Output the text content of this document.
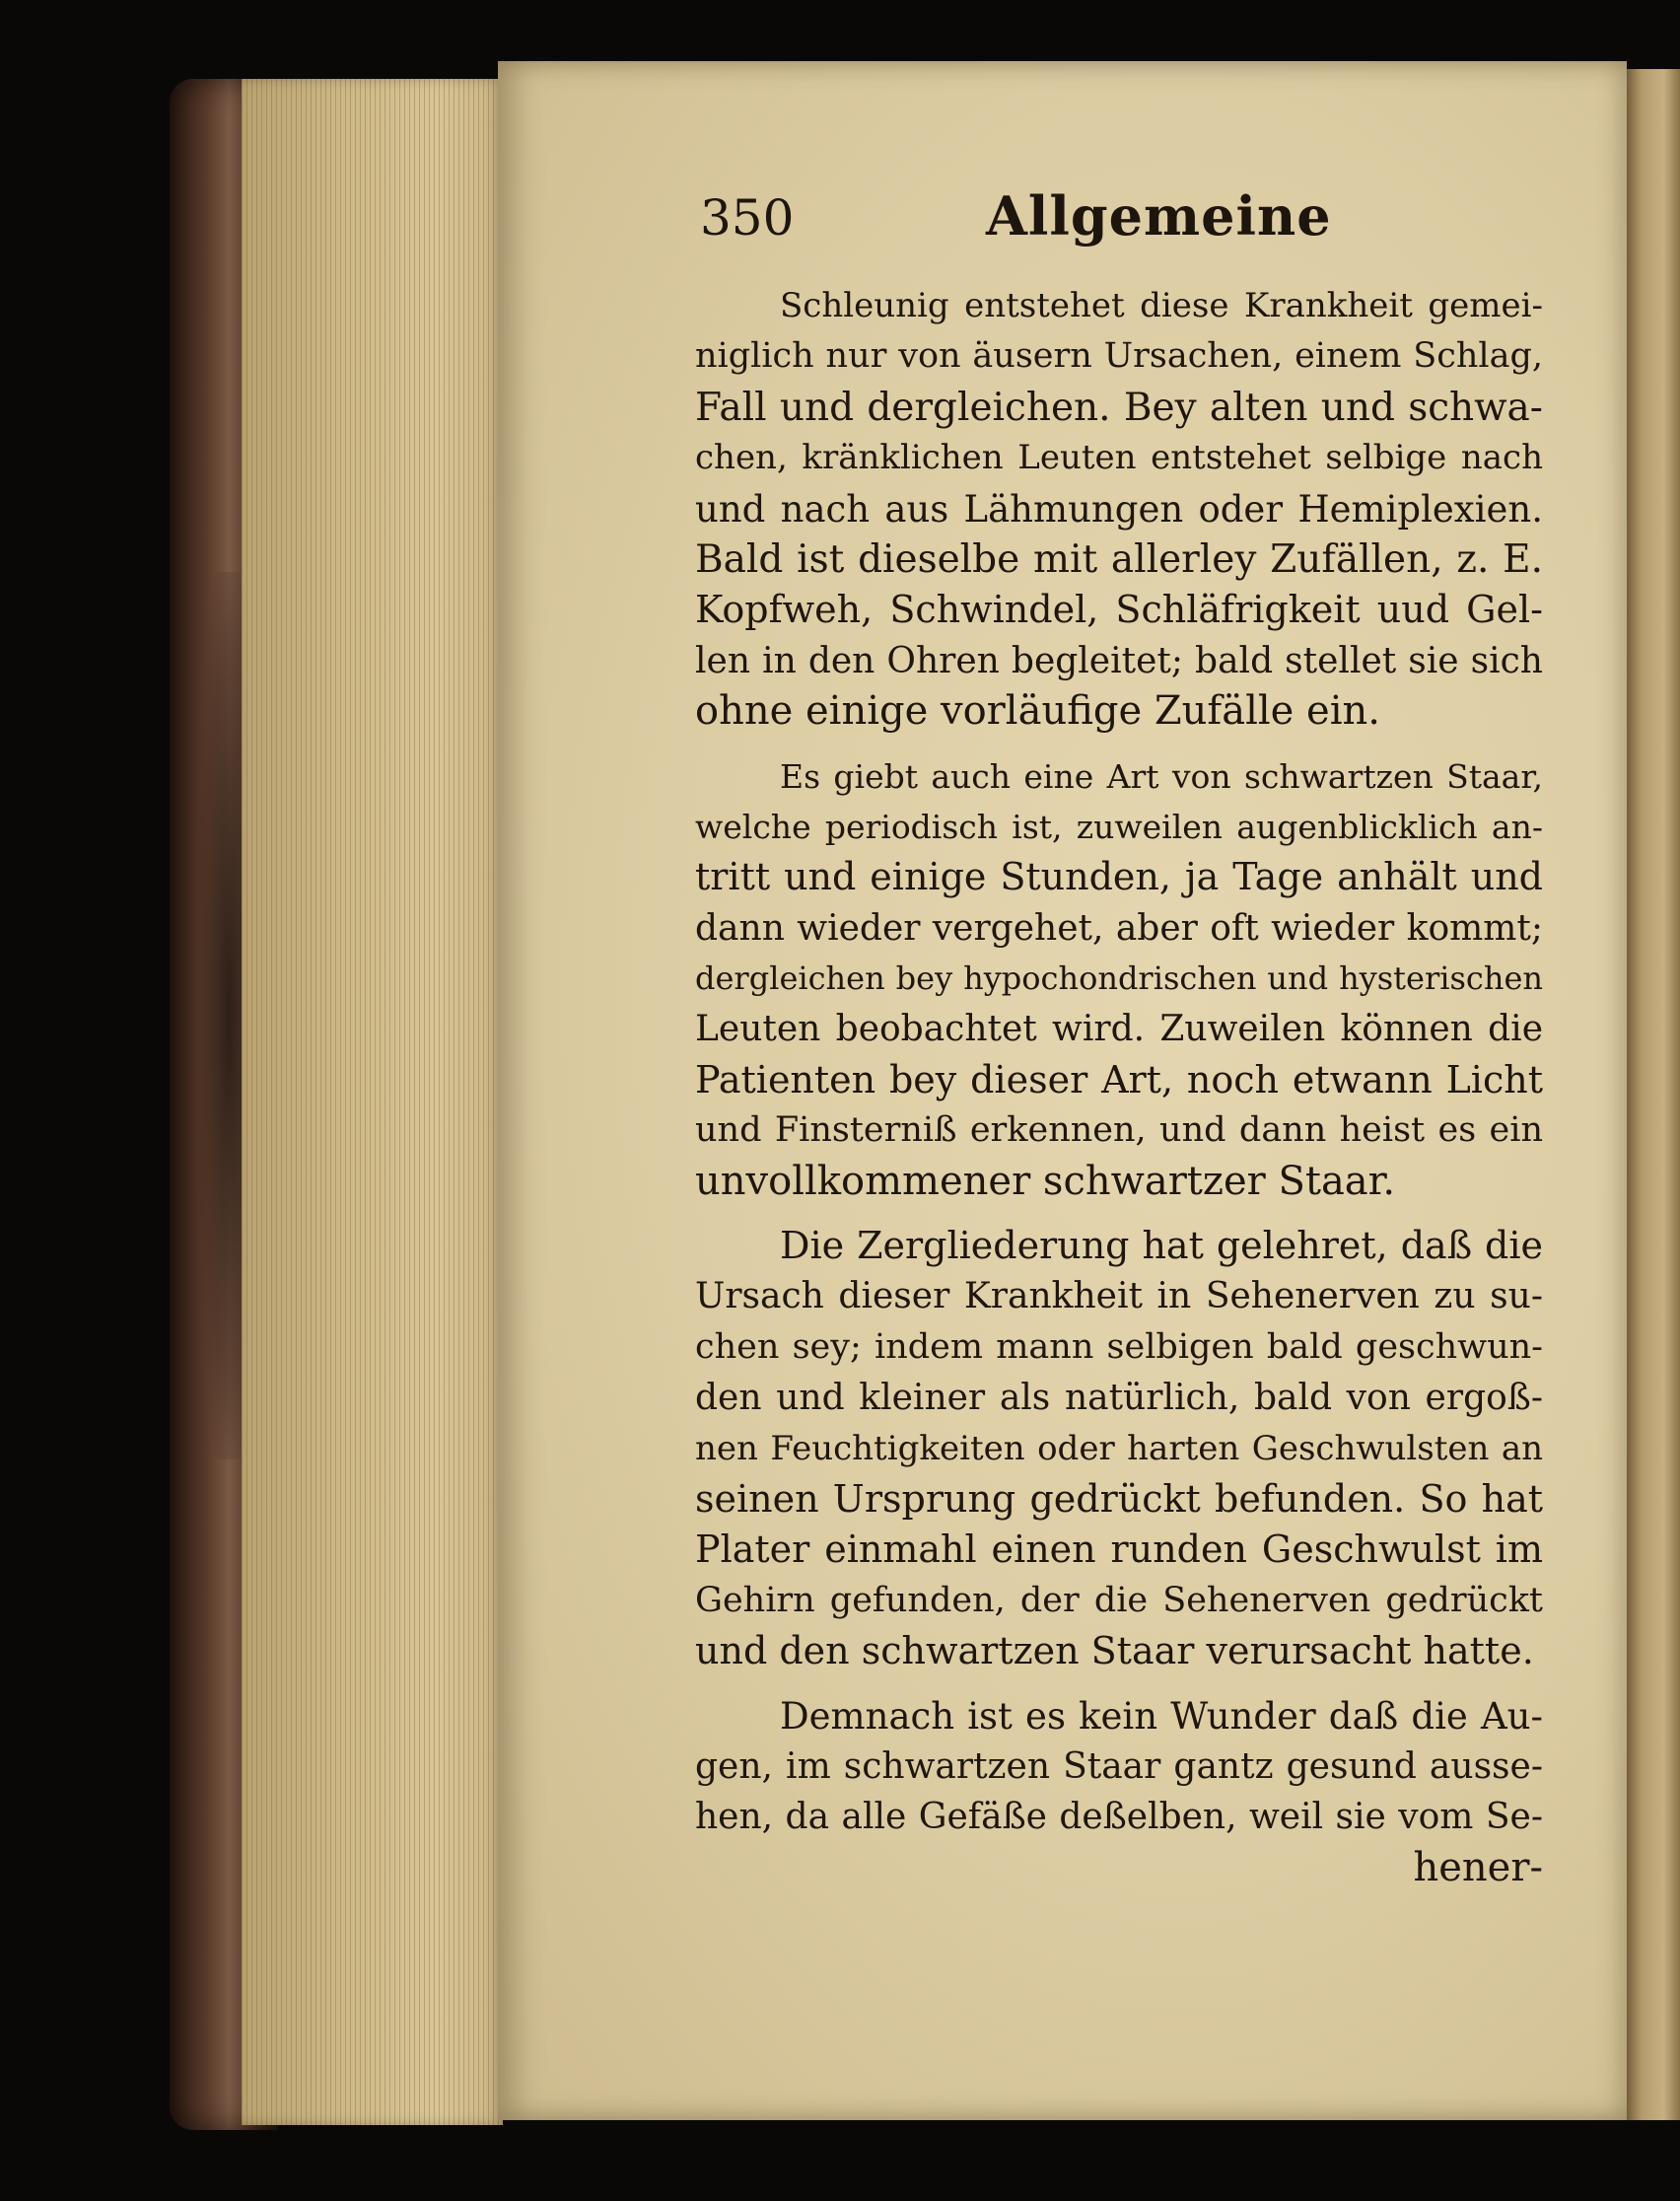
350	Allgemeine
Schleunig entstehet diese Krankheit gemei-
niglich nur von äusern Ursachen, einem Schlag,
Fall und dergleichen. Bey alten und schwa-
chen, kränklichen Leuten entstehet selbige nach
und nach aus Lähmungen oder Hemiplexien.
Bald ist dieselbe mit allerley Zufällen, z. E.
Kopfweh, Schwindel, Schläfrigkeit uud Gel-
len in den Ohren begleitet; bald stellet sie sich
ohne einige vorläufige Zufälle ein.
Es giebt auch eine Art von schwartzen Staar,
welche periodisch ist, zuweilen augenblicklich an-
tritt und einige Stunden, ja Tage anhält und
dann wieder vergehet, aber oft wieder kommt;
dergleichen bey hypochondrischen und hysterischen
Leuten beobachtet wird. Zuweilen können die
Patienten bey dieser Art, noch etwann Licht
und Finsterniß erkennen, und dann heist es ein
unvollkommener schwartzer Staar.
Die Zergliederung hat gelehret, daß die
Ursach dieser Krankheit in Sehenerven zu su-
chen sey; indem mann selbigen bald geschwun-
den und kleiner als natürlich, bald von ergoß-
nen Feuchtigkeiten oder harten Geschwulsten an
seinen Ursprung gedrückt befunden. So hat
Plater einmahl einen runden Geschwulst im
Gehirn gefunden, der die Sehenerven gedrückt
und den schwartzen Staar verursacht hatte.
Demnach ist es kein Wunder daß die Au-
gen, im schwartzen Staar gantz gesund ausse-
hen, da alle Gefäße deßelben, weil sie vom Se-
hener-
